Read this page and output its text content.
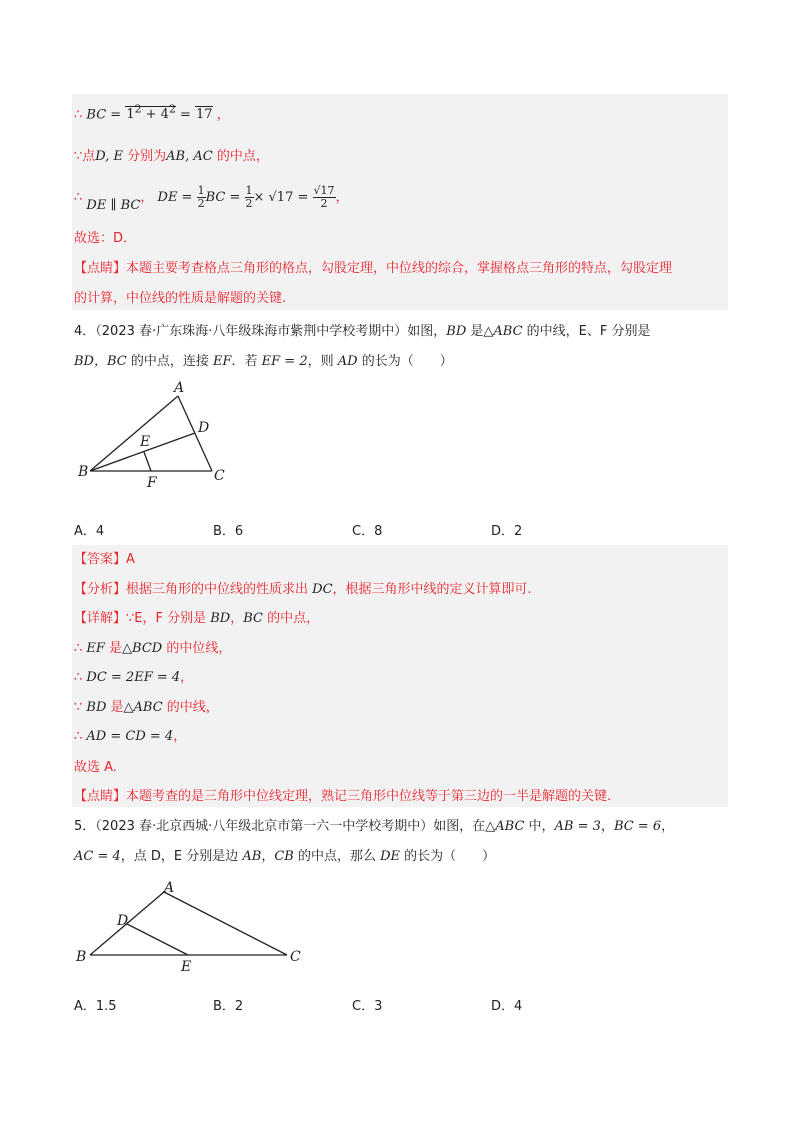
∴ BC = $1^2 + 4^2 = 17$ ，
∵点D, E 分别为AB, AC 的中点，
∴ DE ∥ BC， DE = $\frac{1}{2}$ BC = $\frac{1}{2} \times √17 = \frac{√17}{2}$ ，
故选：D．
【点睛】本题主要考查格点三角形的格点，勾股定理，中位线的综合，掌握格点三角形的特点，勾股定理
的计算，中位线的性质是解题的关键.
4．（2023 春·广东珠海·八年级珠海市紫荆中学校考期中）如图，BD 是△ABC 的中线，E、F 分别是
BD，BC 的中点，连接 EF．若 EF = 2，则 AD 的长为（　　）
A
B	C
D
E
F
A．4	B．6	C．8	D．2
【答案】A
【分析】根据三角形的中位线的性质求出 DC，根据三角形中线的定义计算即可.
【详解】∵E，F 分别是 BD，BC 的中点，
∴ EF 是△BCD 的中位线，
∴ DC = 2EF = 4，
∵ BD 是△ABC 的中线，
∴ AD = CD = 4，
故选 A.
【点睛】本题考查的是三角形中位线定理，熟记三角形中位线等于第三边的一半是解题的关键.
5．（2023 春·北京西城·八年级北京市第一六一中学校考期中）如图，在△ABC 中，AB = 3，BC = 6，
AC = 4，点 D，E 分别是边 AB，CB 的中点，那么 DE 的长为（　　）
A
B	C
D
E
A．1.5	B．2	C．3	D．4
